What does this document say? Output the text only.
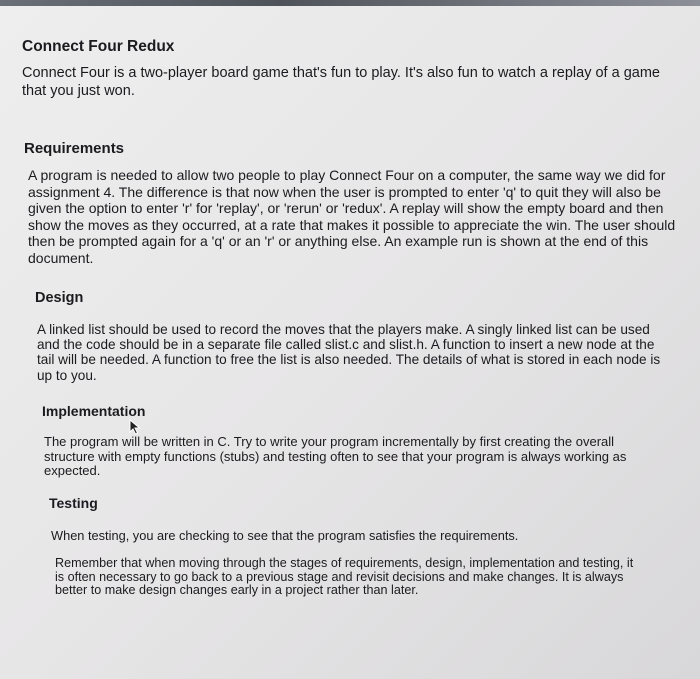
Connect Four Redux

Connect Four is a two-player board game that's fun to play. It's also fun to watch a replay of a game that you just won.

Requirements

A program is needed to allow two people to play Connect Four on a computer, the same way we did for assignment 4. The difference is that now when the user is prompted to enter 'q' to quit they will also be given the option to enter 'r' for 'replay', or 'rerun' or 'redux'. A replay will show the empty board and then show the moves as they occurred, at a rate that makes it possible to appreciate the win. The user should then be prompted again for a 'q' or an 'r' or anything else. An example run is shown at the end of this document.

Design

A linked list should be used to record the moves that the players make. A singly linked list can be used and the code should be in a separate file called slist.c and slist.h. A function to insert a new node at the tail will be needed. A function to free the list is also needed. The details of what is stored in each node is up to you.

Implementation

The program will be written in C. Try to write your program incrementally by first creating the overall structure with empty functions (stubs) and testing often to see that your program is always working as expected.

Testing

When testing, you are checking to see that the program satisfies the requirements.

Remember that when moving through the stages of requirements, design, implementation and testing, it is often necessary to go back to a previous stage and revisit decisions and make changes. It is always better to make design changes early in a project rather than later.
